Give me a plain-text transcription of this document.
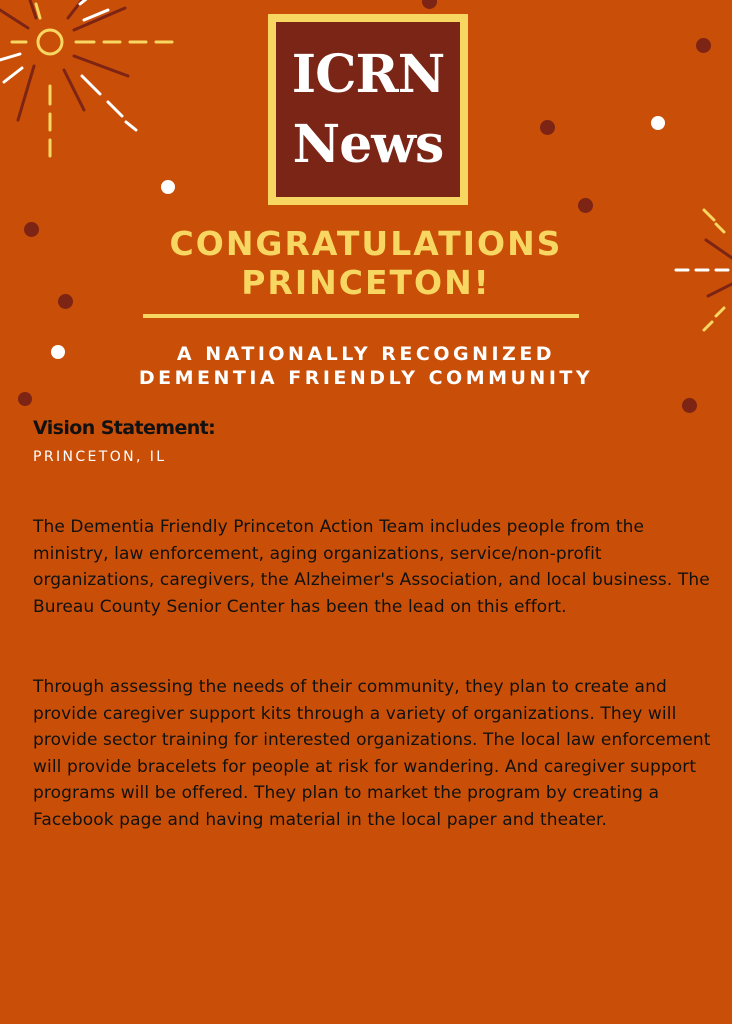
ICRN
News
CONGRATULATIONS
PRINCETON!
A NATIONALLY RECOGNIZED
DEMENTIA FRIENDLY COMMUNITY
Vision Statement:
PRINCETON, IL
The Dementia Friendly Princeton Action Team includes people from the ministry, law enforcement, aging organizations, service/non-profit organizations, caregivers, the Alzheimer's Association, and local business. The Bureau County Senior Center has been the lead on this effort.
Through assessing the needs of their community, they plan to create and provide caregiver support kits through a variety of organizations. They will provide sector training for interested organizations. The local law enforcement will provide bracelets for people at risk for wandering. And caregiver support programs will be offered. They plan to market the program by creating a Facebook page and having material in the local paper and theater.
